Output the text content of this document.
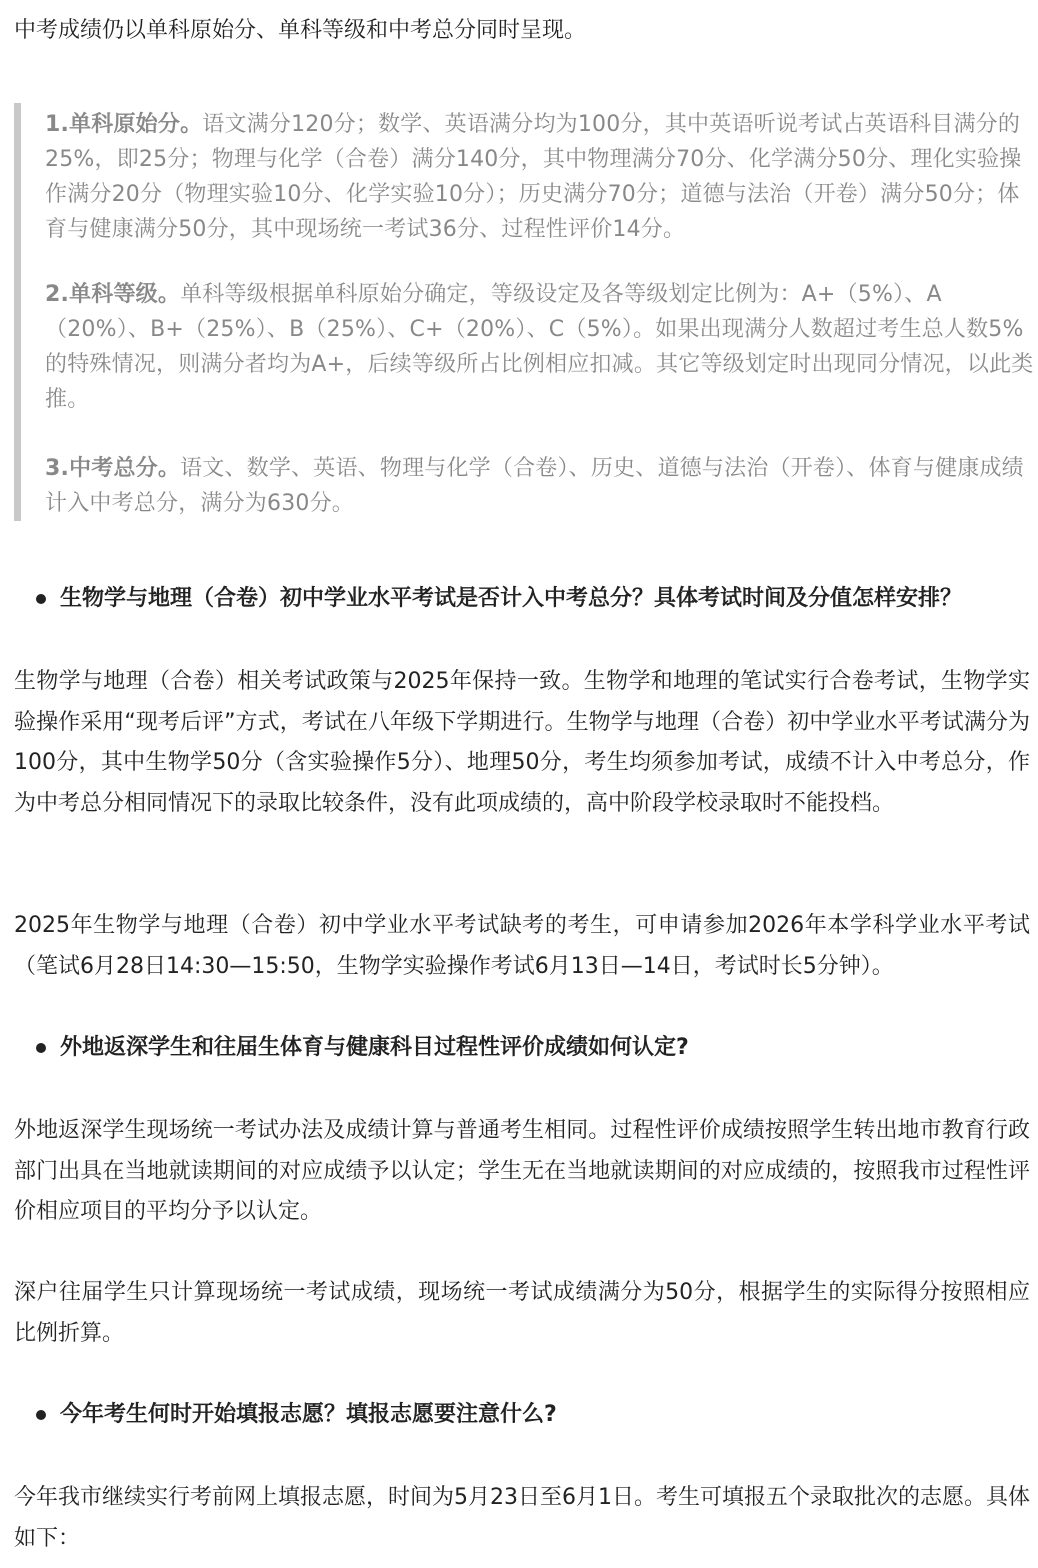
中考成绩仍以单科原始分、单科等级和中考总分同时呈现。

1.单科原始分。语文满分120分；数学、英语满分均为100分，其中英语听说考试占英语科目满分的25%，即25分；物理与化学（合卷）满分140分，其中物理满分70分、化学满分50分、理化实验操作满分20分（物理实验10分、化学实验10分）；历史满分70分；道德与法治（开卷）满分50分；体育与健康满分50分，其中现场统一考试36分、过程性评价14分。

2.单科等级。单科等级根据单科原始分确定，等级设定及各等级划定比例为：A+（5%）、A（20%）、B+（25%）、B（25%）、C+（20%）、C（5%）。如果出现满分人数超过考生总人数5%的特殊情况，则满分者均为A+，后续等级所占比例相应扣减。其它等级划定时出现同分情况，以此类推。

3.中考总分。语文、数学、英语、物理与化学（合卷）、历史、道德与法治（开卷）、体育与健康成绩计入中考总分，满分为630分。

生物学与地理（合卷）初中学业水平考试是否计入中考总分？具体考试时间及分值怎样安排？

生物学与地理（合卷）相关考试政策与2025年保持一致。生物学和地理的笔试实行合卷考试，生物学实验操作采用“现考后评”方式，考试在八年级下学期进行。生物学与地理（合卷）初中学业水平考试满分为100分，其中生物学50分（含实验操作5分）、地理50分，考生均须参加考试，成绩不计入中考总分，作为中考总分相同情况下的录取比较条件，没有此项成绩的，高中阶段学校录取时不能投档。

2025年生物学与地理（合卷）初中学业水平考试缺考的考生，可申请参加2026年本学科学业水平考试（笔试6月28日14:30—15:50，生物学实验操作考试6月13日—14日，考试时长5分钟）。

外地返深学生和往届生体育与健康科目过程性评价成绩如何认定?

外地返深学生现场统一考试办法及成绩计算与普通考生相同。过程性评价成绩按照学生转出地市教育行政部门出具在当地就读期间的对应成绩予以认定；学生无在当地就读期间的对应成绩的，按照我市过程性评价相应项目的平均分予以认定。

深户往届学生只计算现场统一考试成绩，现场统一考试成绩满分为50分，根据学生的实际得分按照相应比例折算。

今年考生何时开始填报志愿？填报志愿要注意什么?

今年我市继续实行考前网上填报志愿，时间为5月23日至6月1日。考生可填报五个录取批次的志愿。具体如下：
